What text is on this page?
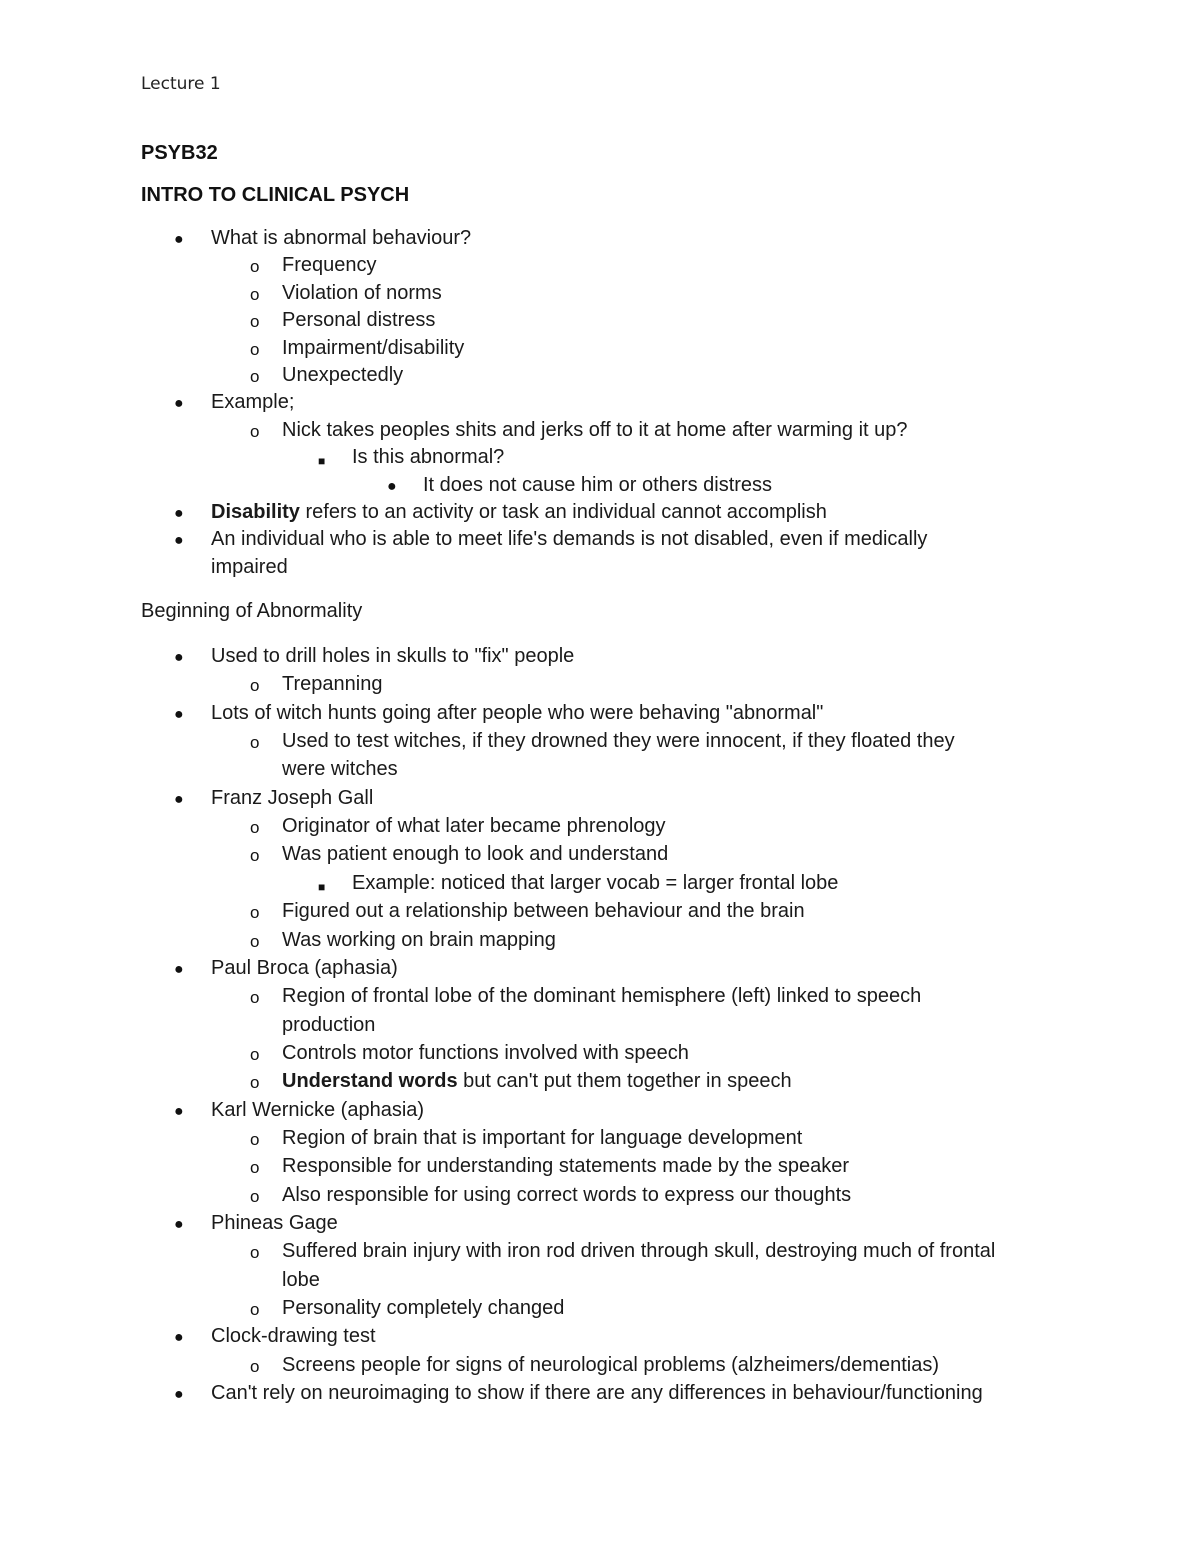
Lecture 1
PSYB32
INTRO TO CLINICAL PSYCH
● What is abnormal behaviour?
o Frequency
o Violation of norms
o Personal distress
o Impairment/disability
o Unexpectedly
● Example;
o Nick takes peoples shits and jerks off to it at home after warming it up?
■ Is this abnormal?
● It does not cause him or others distress
● Disability refers to an activity or task an individual cannot accomplish
● An individual who is able to meet life's demands is not disabled, even if medically
impaired
Beginning of Abnormality
● Used to drill holes in skulls to "fix" people
o Trepanning
● Lots of witch hunts going after people who were behaving "abnormal"
o Used to test witches, if they drowned they were innocent, if they floated they
were witches
● Franz Joseph Gall
o Originator of what later became phrenology
o Was patient enough to look and understand
■ Example: noticed that larger vocab = larger frontal lobe
o Figured out a relationship between behaviour and the brain
o Was working on brain mapping
● Paul Broca (aphasia)
o Region of frontal lobe of the dominant hemisphere (left) linked to speech
production
o Controls motor functions involved with speech
o Understand words but can't put them together in speech
● Karl Wernicke (aphasia)
o Region of brain that is important for language development
o Responsible for understanding statements made by the speaker
o Also responsible for using correct words to express our thoughts
● Phineas Gage
o Suffered brain injury with iron rod driven through skull, destroying much of frontal
lobe
o Personality completely changed
● Clock-drawing test
o Screens people for signs of neurological problems (alzheimers/dementias)
● Can't rely on neuroimaging to show if there are any differences in behaviour/functioning
